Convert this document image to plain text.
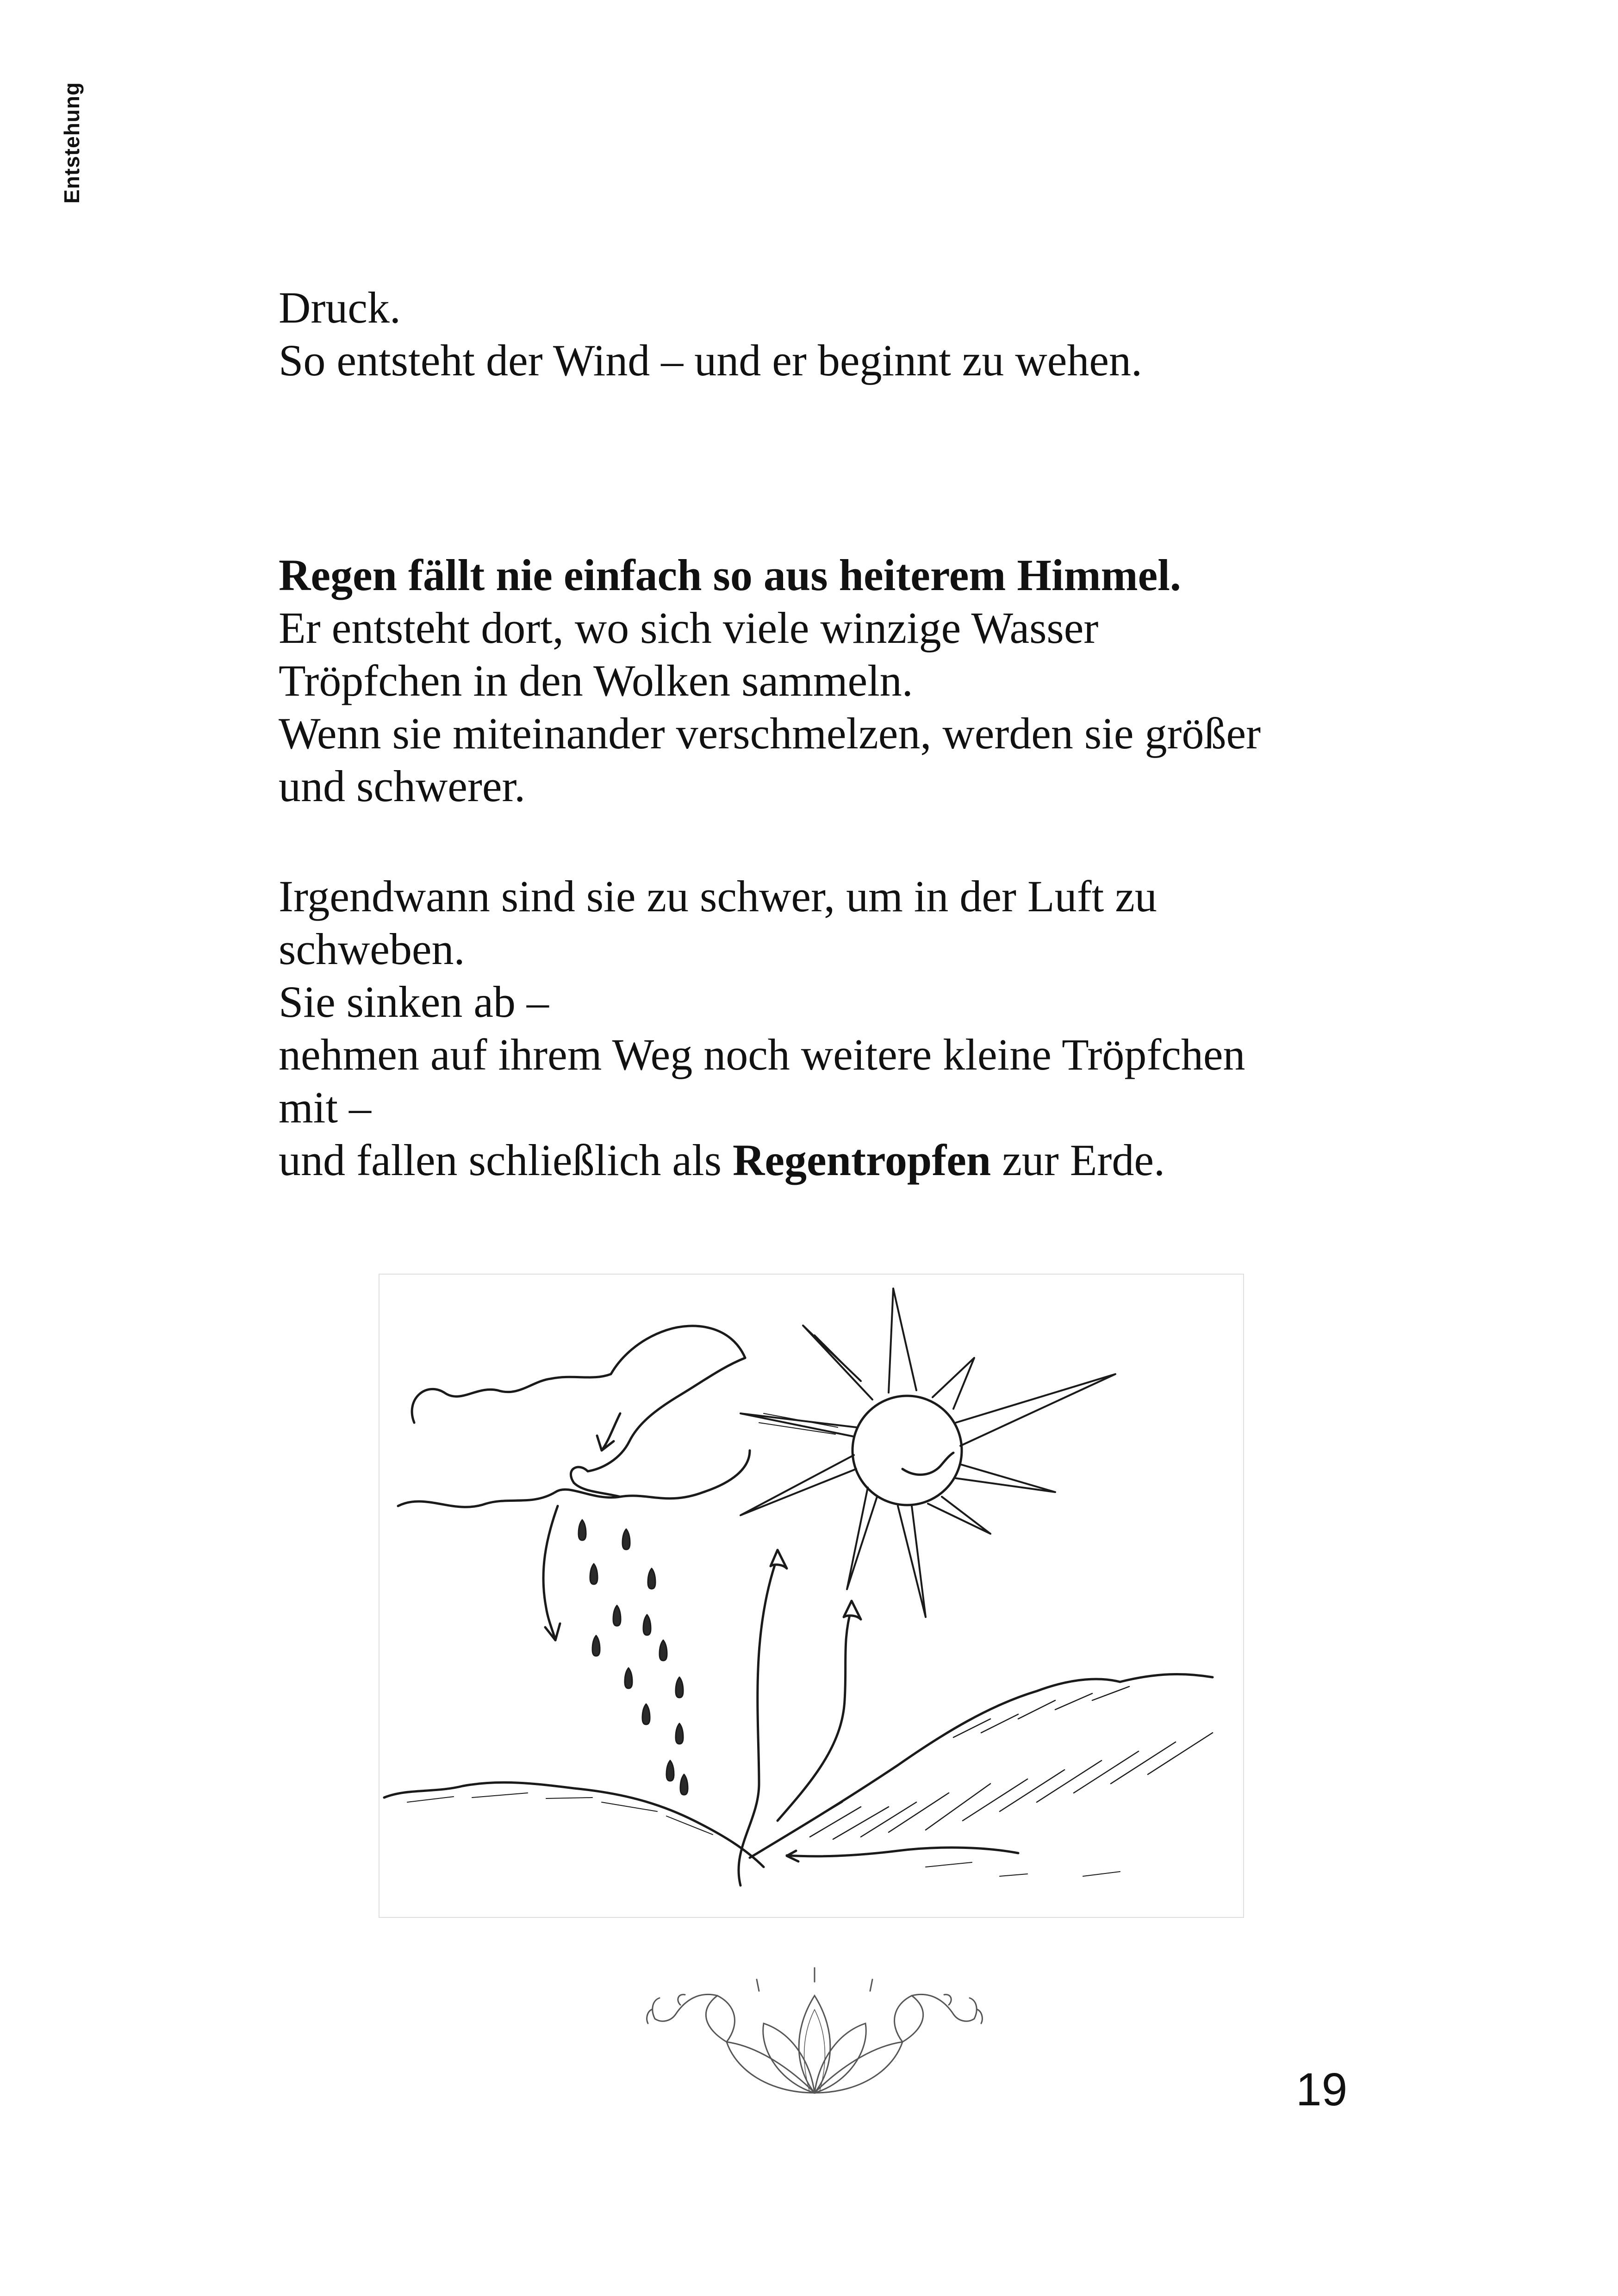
Entstehung
Druck.
So entsteht der Wind – und er beginnt zu wehen.
Regen fällt nie einfach so aus heiterem Himmel.
Er entsteht dort, wo sich viele winzige Wasser
Tröpfchen in den Wolken sammeln.
Wenn sie miteinander verschmelzen, werden sie größer
und schwerer.
Irgendwann sind sie zu schwer, um in der Luft zu
schweben.
Sie sinken ab –
nehmen auf ihrem Weg noch weitere kleine Tröpfchen
mit –
und fallen schließlich als Regentropfen zur Erde.
19
